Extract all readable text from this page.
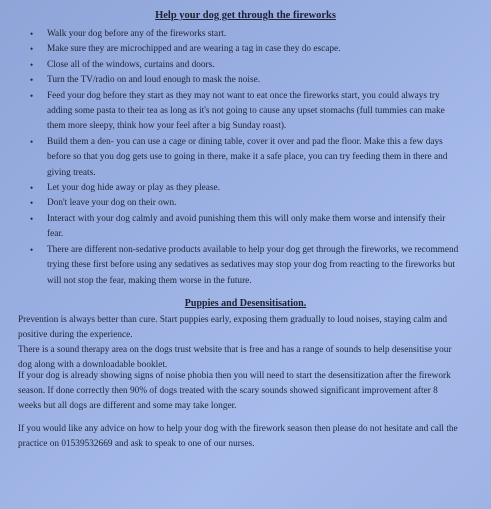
Help your dog get through the fireworks
• Walk your dog before any of the fireworks start.
• Make sure they are microchipped and are wearing a tag in case they do escape.
• Close all of the windows, curtains and doors.
• Turn the TV/radio on and loud enough to mask the noise.
• Feed your dog before they start as they may not want to eat once the fireworks start, you could always try adding some pasta to their tea as long as it's not going to cause any upset stomachs (full tummies can make them more sleepy, think how your feel after a big Sunday roast).
• Build them a den- you can use a cage or dining table, cover it over and pad the floor. Make this a few days before so that you dog gets use to going in there, make it a safe place, you can try feeding them in there and giving treats.
• Let your dog hide away or play as they please.
• Don't leave your dog on their own.
• Interact with your dog calmly and avoid punishing them this will only make them worse and intensify their fear.
• There are different non-sedative products available to help your dog get through the fireworks, we recommend trying these first before using any sedatives as sedatives may stop your dog from reacting to the fireworks but will not stop the fear, making them worse in the future.
Puppies and Desensitisation.

Prevention is always better than cure. Start puppies early, exposing them gradually to loud noises, staying calm and positive during the experience.

There is a sound therapy area on the dogs trust website that is free and has a range of sounds to help desensitise your dog along with a downloadable booklet.

If your dog is already showing signs of noise phobia then you will need to start the desensitization after the firework season. If done correctly then 90% of dogs treated with the scary sounds showed significant improvement after 8 weeks but all dogs are different and some may take longer.

If you would like any advice on how to help your dog with the firework season then please do not hesitate and call the practice on 01539532669 and ask to speak to one of our nurses.
